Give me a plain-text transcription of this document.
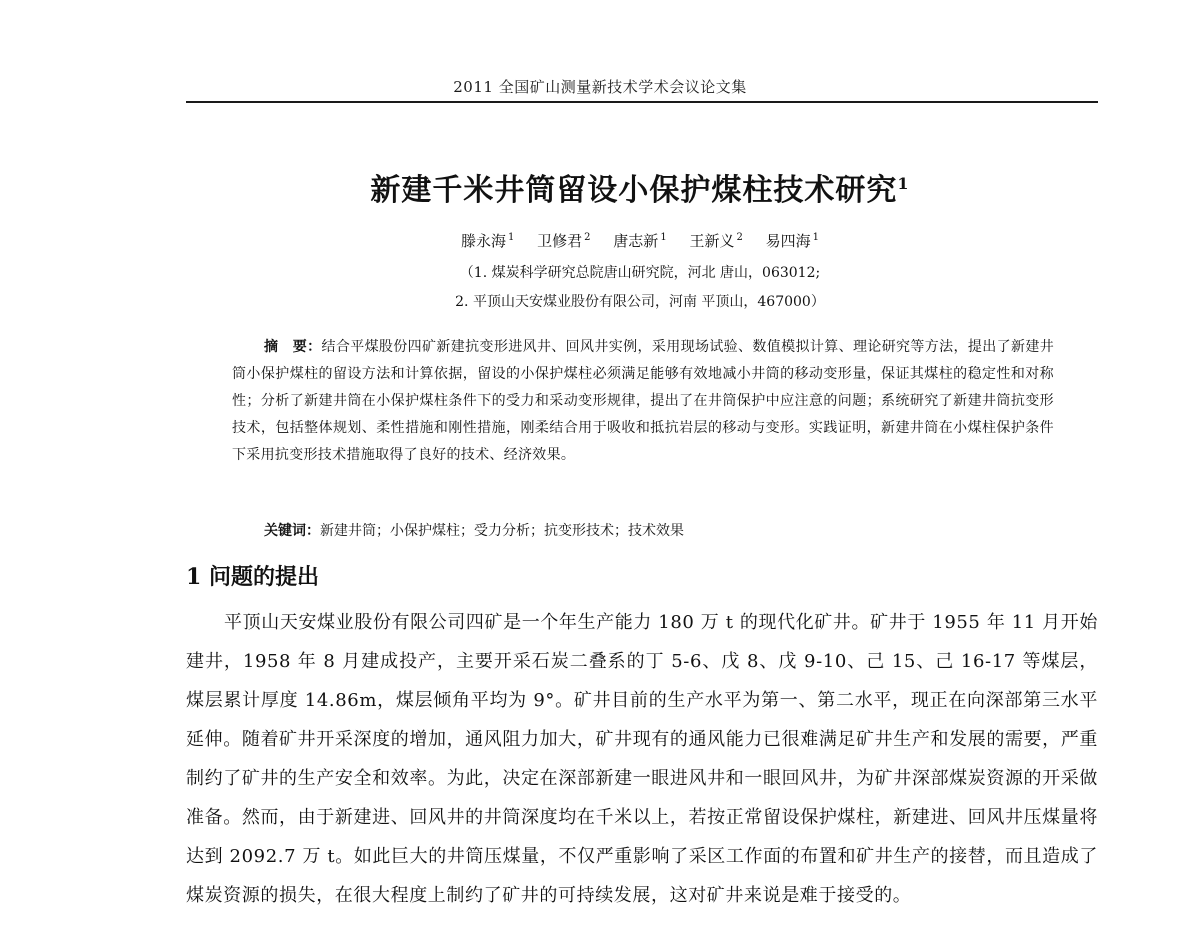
2011 全国矿山测量新技术学术会议论文集
新建千米井筒留设小保护煤柱技术研究$^1$
滕永海 $^1$ 卫修君 $^2$ 唐志新 $^1$ 王新义 $^2$ 易四海 $^1$
（1. 煤炭科学研究总院唐山研究院，河北 唐山，063012;
2. 平顶山天安煤业股份有限公司，河南 平顶山，467000）
摘　要：结合平煤股份四矿新建抗变形进风井、回风井实例，采用现场试验、数值模拟计算、理论研究等方法，提出了新建井筒小保护煤柱的留设方法和计算依据，留设的小保护煤柱必须满足能够有效地减小井筒的移动变形量，保证其煤柱的稳定性和对称性；分析了新建井筒在小保护煤柱条件下的受力和采动变形规律，提出了在井筒保护中应注意的问题；系统研究了新建井筒抗变形技术，包括整体规划、柔性措施和刚性措施，刚柔结合用于吸收和抵抗岩层的移动与变形。实践证明，新建井筒在小煤柱保护条件下采用抗变形技术措施取得了良好的技术、经济效果。
关键词：新建井筒；小保护煤柱；受力分析；抗变形技术；技术效果
1 问题的提出
平顶山天安煤业股份有限公司四矿是一个年生产能力 180 万 t 的现代化矿井。矿井于 1955 年 11 月开始建井，1958 年 8 月建成投产，主要开采石炭二叠系的丁 5-6、戊 8、戊 9-10、己 15、己 16-17 等煤层，煤层累计厚度 14.86m，煤层倾角平均为 9°。矿井目前的生产水平为第一、第二水平，现正在向深部第三水平延伸。随着矿井开采深度的增加，通风阻力加大，矿井现有的通风能力已很难满足矿井生产和发展的需要，严重制约了矿井的生产安全和效率。为此，决定在深部新建一眼进风井和一眼回风井，为矿井深部煤炭资源的开采做准备。然而，由于新建进、回风井的井筒深度均在千米以上，若按正常留设保护煤柱，新建进、回风井压煤量将达到 2092.7 万 t。如此巨大的井筒压煤量，不仅严重影响了采区工作面的布置和矿井生产的接替，而且造成了煤炭资源的损失，在很大程度上制约了矿井的可持续发展，这对矿井来说是难于接受的。
